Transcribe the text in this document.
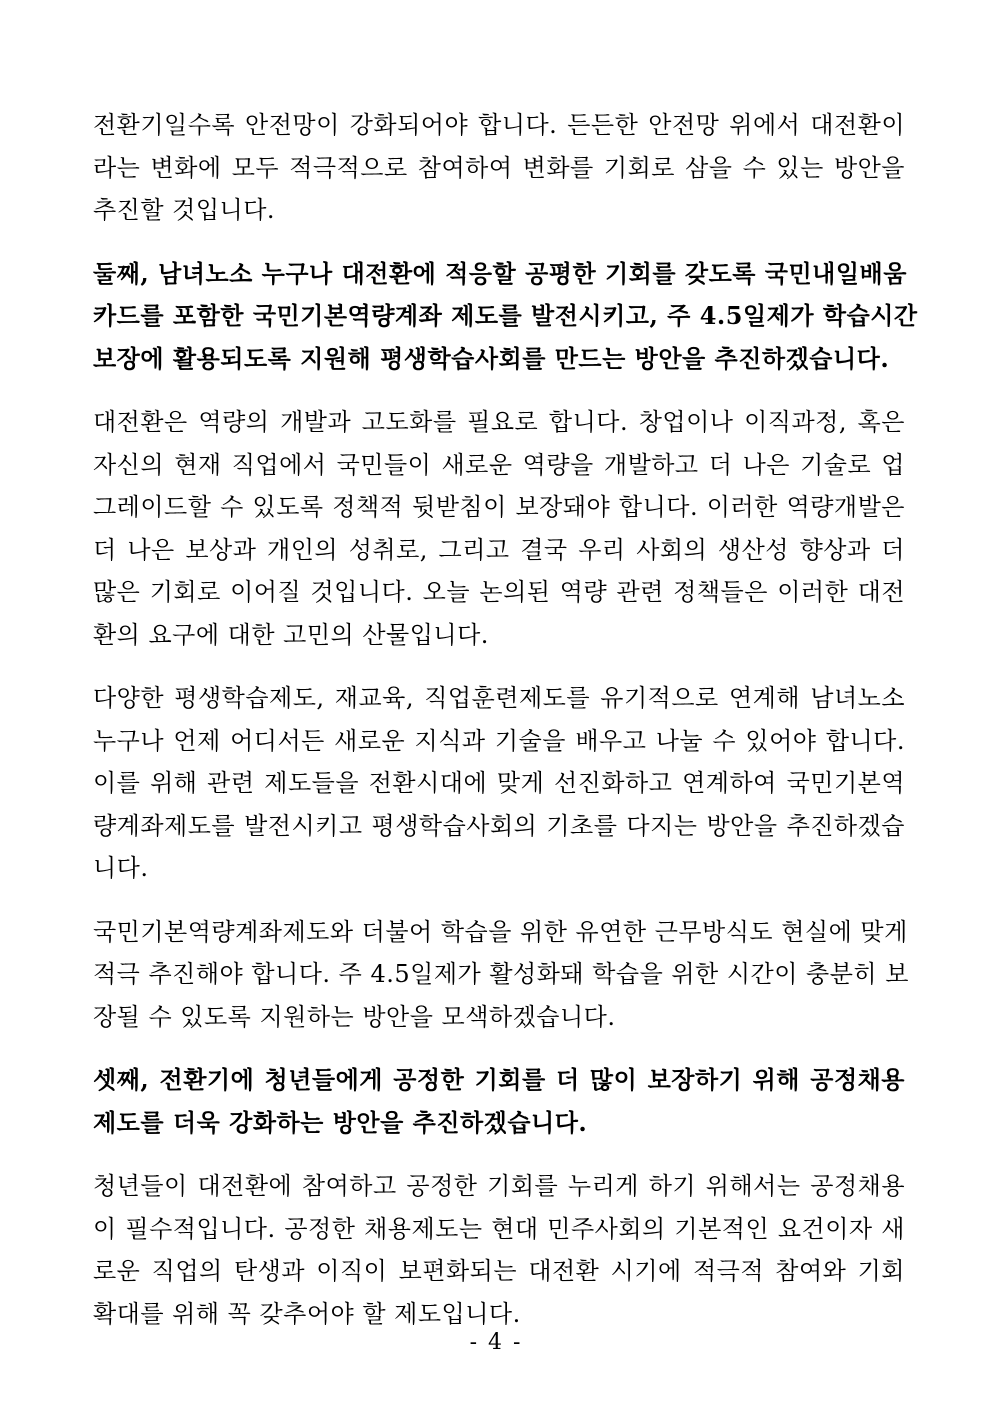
전환기일수록 안전망이 강화되어야 합니다. 든든한 안전망 위에서 대전환이
라는 변화에 모두 적극적으로 참여하여 변화를 기회로 삼을 수 있는 방안을
추진할 것입니다.
둘째, 남녀노소 누구나 대전환에 적응할 공평한 기회를 갖도록 국민내일배움
카드를 포함한 국민기본역량계좌 제도를 발전시키고, 주 4.5일제가 학습시간
보장에 활용되도록 지원해 평생학습사회를 만드는 방안을 추진하겠습니다.
대전환은 역량의 개발과 고도화를 필요로 합니다. 창업이나 이직과정, 혹은
자신의 현재 직업에서 국민들이 새로운 역량을 개발하고 더 나은 기술로 업
그레이드할 수 있도록 정책적 뒷받침이 보장돼야 합니다. 이러한 역량개발은
더 나은 보상과 개인의 성취로, 그리고 결국 우리 사회의 생산성 향상과 더
많은 기회로 이어질 것입니다. 오늘 논의된 역량 관련 정책들은 이러한 대전
환의 요구에 대한 고민의 산물입니다.
다양한 평생학습제도, 재교육, 직업훈련제도를 유기적으로 연계해 남녀노소
누구나 언제 어디서든 새로운 지식과 기술을 배우고 나눌 수 있어야 합니다.
이를 위해 관련 제도들을 전환시대에 맞게 선진화하고 연계하여 국민기본역
량계좌제도를 발전시키고 평생학습사회의 기초를 다지는 방안을 추진하겠습
니다.
국민기본역량계좌제도와 더불어 학습을 위한 유연한 근무방식도 현실에 맞게
적극 추진해야 합니다. 주 4.5일제가 활성화돼 학습을 위한 시간이 충분히 보
장될 수 있도록 지원하는 방안을 모색하겠습니다.
셋째, 전환기에 청년들에게 공정한 기회를 더 많이 보장하기 위해 공정채용
제도를 더욱 강화하는 방안을 추진하겠습니다.
청년들이 대전환에 참여하고 공정한 기회를 누리게 하기 위해서는 공정채용
이 필수적입니다. 공정한 채용제도는 현대 민주사회의 기본적인 요건이자 새
로운 직업의 탄생과 이직이 보편화되는 대전환 시기에 적극적 참여와 기회
확대를 위해 꼭 갖추어야 할 제도입니다.
- 4 -
